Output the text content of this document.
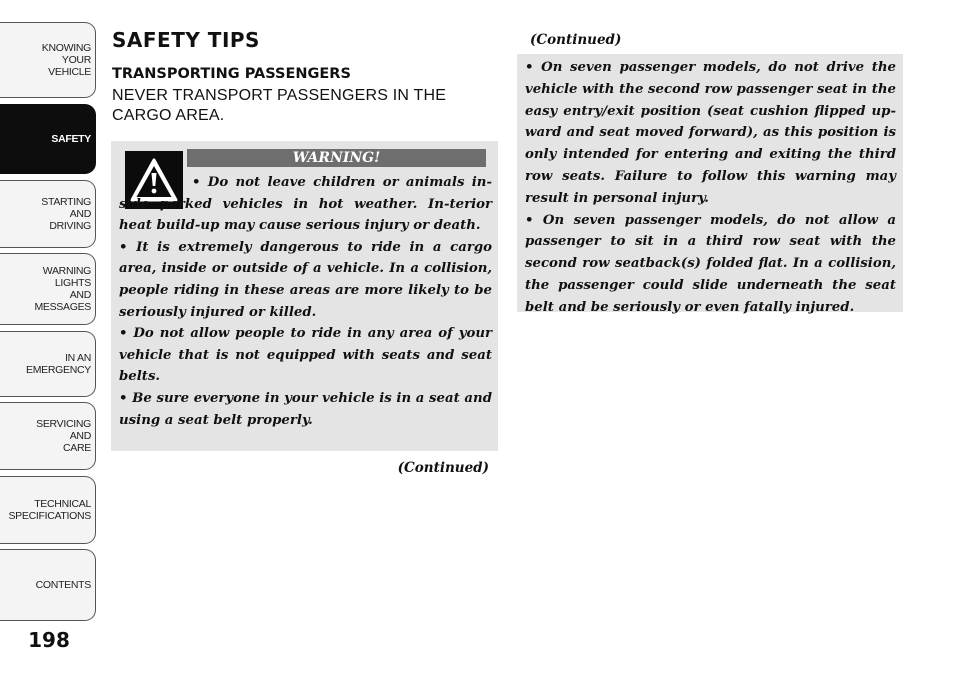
KNOWING
YOUR
VEHICLE
SAFETY
STARTING
AND
DRIVING
WARNING
LIGHTS
AND
MESSAGES
IN AN
EMERGENCY
SERVICING
AND
CARE
TECHNICAL
SPECIFICATIONS
CONTENTS
198
SAFETY TIPS
TRANSPORTING PASSENGERS

NEVER TRANSPORT PASSENGERS IN THE CARGO AREA.

WARNING!

• Do not leave children or animals in-side parked vehicles in hot weather. In-terior heat build-up may cause serious injury or death.

• It is extremely dangerous to ride in a cargo area, inside or outside of a vehicle. In a collision, people riding in these areas are more likely to be seriously injured or killed.

• Do not allow people to ride in any area of your vehicle that is not equipped with seats and seat belts.

• Be sure everyone in your vehicle is in a seat and using a seat belt properly.

(Continued)
(Continued)

• On seven passenger models, do not drive the vehicle with the second row passenger seat in the easy entry/exit position (seat cushion flipped up-ward and seat moved forward), as this position is only intended for entering and exiting the third row seats. Failure to follow this warning may result in personal injury.

• On seven passenger models, do not allow a passenger to sit in a third row seat with the second row seatback(s) folded flat. In a collision, the passenger could slide underneath the seat belt and be seriously or even fatally injured.
